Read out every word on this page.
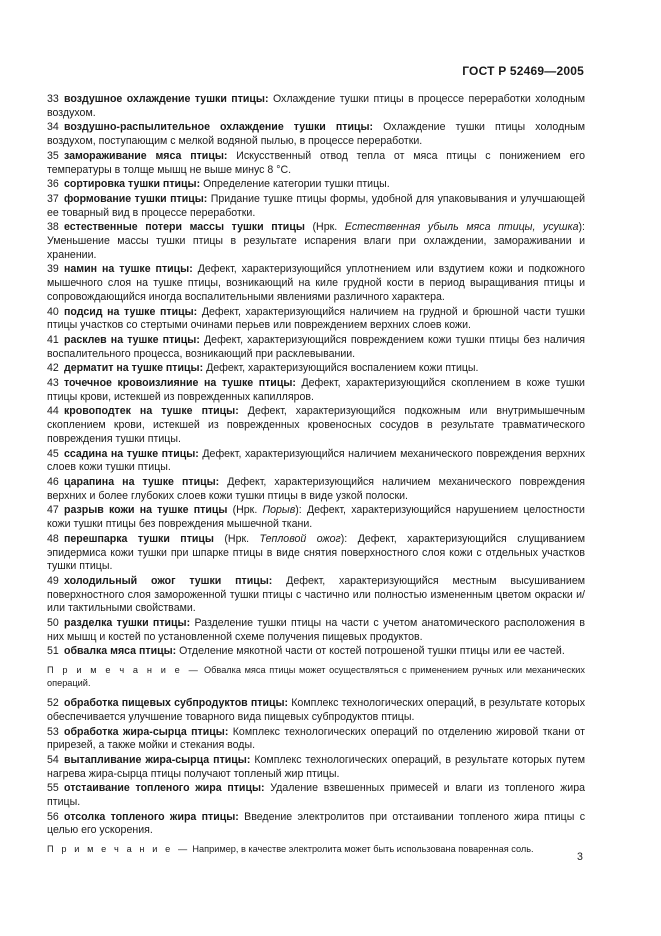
ГОСТ Р 52469—2005
33 воздушное охлаждение тушки птицы: Охлаждение тушки птицы в процессе переработки холодным воздухом.
34 воздушно-распылительное охлаждение тушки птицы: Охлаждение тушки птицы холодным воздухом, поступающим с мелкой водяной пылью, в процессе переработки.
35 замораживание мяса птицы: Искусственный отвод тепла от мяса птицы с понижением его температуры в толще мышц не выше минус 8 °C.
36 сортировка тушки птицы: Определение категории тушки птицы.
37 формование тушки птицы: Придание тушке птицы формы, удобной для упаковывания и улучшающей ее товарный вид в процессе переработки.
38 естественные потери массы тушки птицы (Нрк. Естественная убыль мяса птицы, усушка): Уменьшение массы тушки птицы в результате испарения влаги при охлаждении, замораживании и хранении.
39 намин на тушке птицы: Дефект, характеризующийся уплотнением или вздутием кожи и подкожного мышечного слоя на тушке птицы, возникающий на киле грудной кости в период выращивания птицы и сопровождающийся иногда воспалительными явлениями различного характера.
40 подсид на тушке птицы: Дефект, характеризующийся наличием на грудной и брюшной части тушки птицы участков со стертыми очинами перьев или повреждением верхних слоев кожи.
41 расклев на тушке птицы: Дефект, характеризующийся повреждением кожи тушки птицы без наличия воспалительного процесса, возникающий при расклевывании.
42 дерматит на тушке птицы: Дефект, характеризующийся воспалением кожи птицы.
43 точечное кровоизлияние на тушке птицы: Дефект, характеризующийся скоплением в коже тушки птицы крови, истекшей из поврежденных капилляров.
44 кровоподтек на тушке птицы: Дефект, характеризующийся подкожным или внутримышечным скоплением крови, истекшей из поврежденных кровеносных сосудов в результате травматического повреждения тушки птицы.
45 ссадина на тушке птицы: Дефект, характеризующийся наличием механического повреждения верхних слоев кожи тушки птицы.
46 царапина на тушке птицы: Дефект, характеризующийся наличием механического повреждения верхних и более глубоких слоев кожи тушки птицы в виде узкой полоски.
47 разрыв кожи на тушке птицы (Нрк. Порыв): Дефект, характеризующийся нарушением целостности кожи тушки птицы без повреждения мышечной ткани.
48 перешпарка тушки птицы (Нрк. Тепловой ожог): Дефект, характеризующийся слущиванием эпидермиса кожи тушки при шпарке птицы в виде снятия поверхностного слоя кожи с отдельных участков тушки птицы.
49 холодильный ожог тушки птицы: Дефект, характеризующийся местным высушиванием поверхностного слоя замороженной тушки птицы с частично или полностью измененным цветом окраски и/или тактильными свойствами.
50 разделка тушки птицы: Разделение тушки птицы на части с учетом анатомического расположения в них мышц и костей по установленной схеме получения пищевых продуктов.
51 обвалка мяса птицы: Отделение мякотной части от костей потрошеной тушки птицы или ее частей.
П р и м е ч а н и е — Обвалка мяса птицы может осуществляться с применением ручных или механических операций.
52 обработка пищевых субпродуктов птицы: Комплекс технологических операций, в результате которых обеспечивается улучшение товарного вида пищевых субпродуктов птицы.
53 обработка жира-сырца птицы: Комплекс технологических операций по отделению жировой ткани от прирезей, а также мойки и стекания воды.
54 вытапливание жира-сырца птицы: Комплекс технологических операций, в результате которых путем нагрева жира-сырца птицы получают топленый жир птицы.
55 отстаивание топленого жира птицы: Удаление взвешенных примесей и влаги из топленого жира птицы.
56 отсолка топленого жира птицы: Введение электролитов при отстаивании топленого жира птицы с целью его ускорения.
П р и м е ч а н и е — Например, в качестве электролита может быть использована поваренная соль.
3
